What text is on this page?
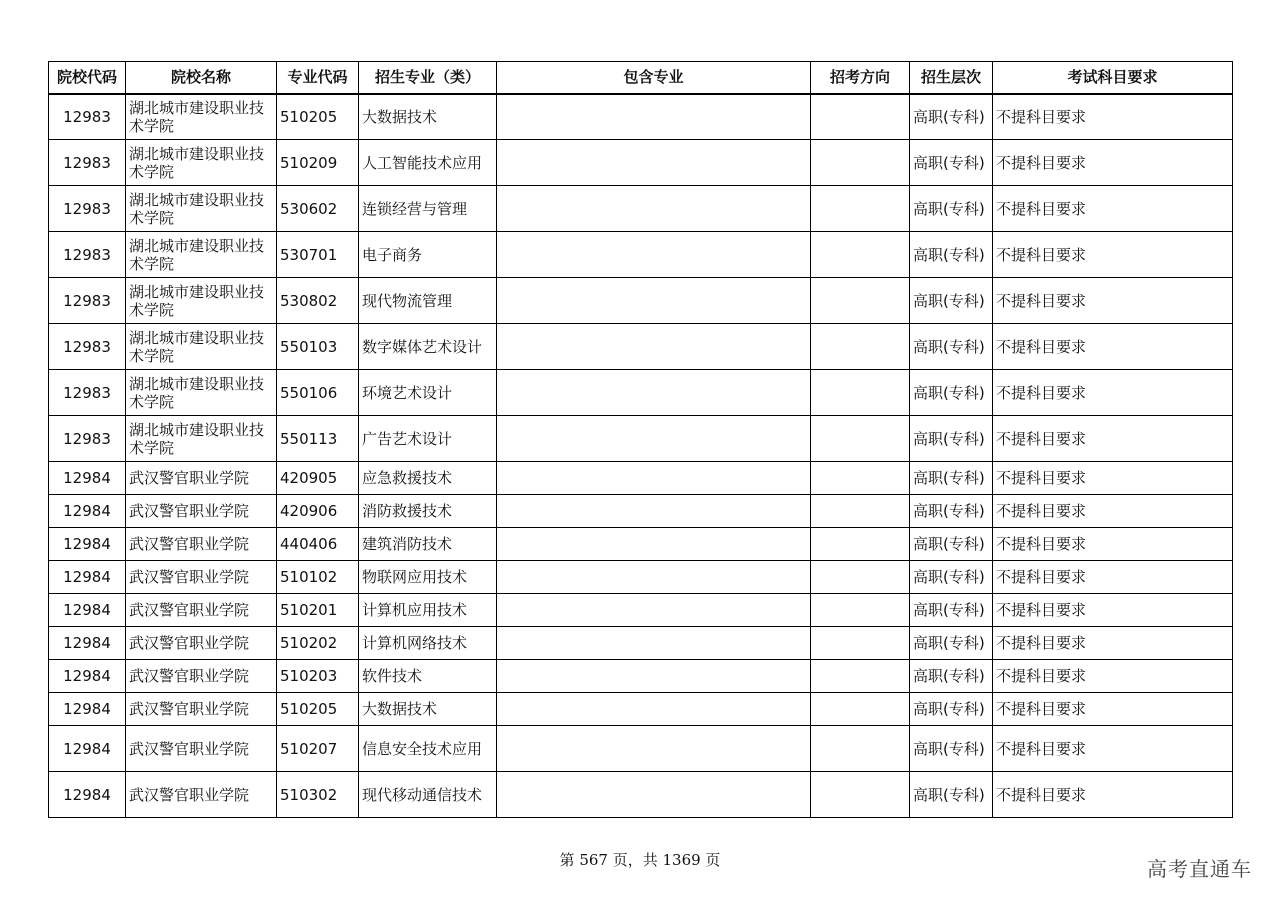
院校代码	院校名称	专业代码	招生专业（类）	包含专业	招考方向	招生层次	考试科目要求
12983	湖北城市建设职业技术学院	510205	大数据技术			高职(专科)	不提科目要求
12983	湖北城市建设职业技术学院	510209	人工智能技术应用			高职(专科)	不提科目要求
12983	湖北城市建设职业技术学院	530602	连锁经营与管理			高职(专科)	不提科目要求
12983	湖北城市建设职业技术学院	530701	电子商务			高职(专科)	不提科目要求
12983	湖北城市建设职业技术学院	530802	现代物流管理			高职(专科)	不提科目要求
12983	湖北城市建设职业技术学院	550103	数字媒体艺术设计			高职(专科)	不提科目要求
12983	湖北城市建设职业技术学院	550106	环境艺术设计			高职(专科)	不提科目要求
12983	湖北城市建设职业技术学院	550113	广告艺术设计			高职(专科)	不提科目要求
12984	武汉警官职业学院	420905	应急救援技术			高职(专科)	不提科目要求
12984	武汉警官职业学院	420906	消防救援技术			高职(专科)	不提科目要求
12984	武汉警官职业学院	440406	建筑消防技术			高职(专科)	不提科目要求
12984	武汉警官职业学院	510102	物联网应用技术			高职(专科)	不提科目要求
12984	武汉警官职业学院	510201	计算机应用技术			高职(专科)	不提科目要求
12984	武汉警官职业学院	510202	计算机网络技术			高职(专科)	不提科目要求
12984	武汉警官职业学院	510203	软件技术			高职(专科)	不提科目要求
12984	武汉警官职业学院	510205	大数据技术			高职(专科)	不提科目要求
12984	武汉警官职业学院	510207	信息安全技术应用			高职(专科)	不提科目要求
12984	武汉警官职业学院	510302	现代移动通信技术			高职(专科)	不提科目要求
第 567 页，共 1369 页	高考直通车
